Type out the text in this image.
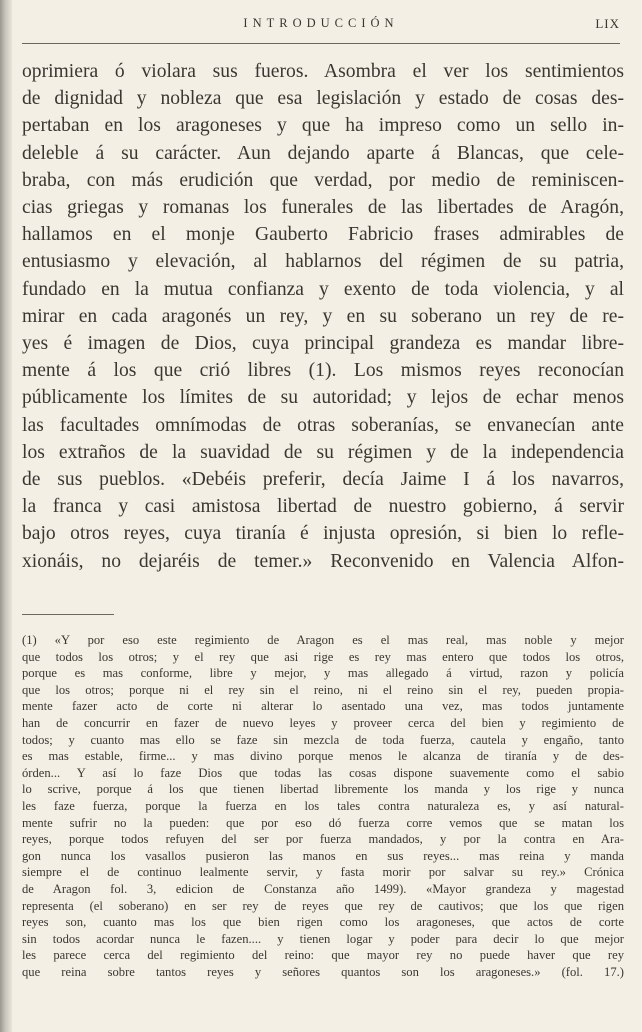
INTRODUCCIÓN	LIX
oprimiera ó violara sus fueros. Asombra el ver los sentimientos
de dignidad y nobleza que esa legislación y estado de cosas des-
pertaban en los aragoneses y que ha impreso como un sello in-
deleble á su carácter. Aun dejando aparte á Blancas, que cele-
braba, con más erudición que verdad, por medio de reminiscen-
cias griegas y romanas los funerales de las libertades de Aragón,
hallamos en el monje Gauberto Fabricio frases admirables de
entusiasmo y elevación, al hablarnos del régimen de su patria,
fundado en la mutua confianza y exento de toda violencia, y al
mirar en cada aragonés un rey, y en su soberano un rey de re-
yes é imagen de Dios, cuya principal grandeza es mandar libre-
mente á los que crió libres (1). Los mismos reyes reconocían
públicamente los límites de su autoridad; y lejos de echar menos
las facultades omnímodas de otras soberanías, se envanecían ante
los extraños de la suavidad de su régimen y de la independencia
de sus pueblos. «Debéis preferir, decía Jaime I á los navarros,
la franca y casi amistosa libertad de nuestro gobierno, á servir
bajo otros reyes, cuya tiranía é injusta opresión, si bien lo refle-
xionáis, no dejaréis de temer.» Reconvenido en Valencia Alfon-
(1) «Y por eso este regimiento de Aragon es el mas real, mas noble y mejor
que todos los otros; y el rey que asi rige es rey mas entero que todos los otros,
porque es mas conforme, libre y mejor, y mas allegado á virtud, razon y policía
que los otros; porque ni el rey sin el reino, ni el reino sin el rey, pueden propia-
mente fazer acto de corte ni alterar lo asentado una vez, mas todos juntamente
han de concurrir en fazer de nuevo leyes y proveer cerca del bien y regimiento de
todos; y cuanto mas ello se faze sin mezcla de toda fuerza, cautela y engaño, tanto
es mas estable, firme... y mas divino porque menos le alcanza de tiranía y de des-
órden... Y así lo faze Dios que todas las cosas dispone suavemente como el sabio
lo scrive, porque á los que tienen libertad libremente los manda y los rige y nunca
les faze fuerza, porque la fuerza en los tales contra naturaleza es, y así natural-
mente sufrir no la pueden: que por eso dó fuerza corre vemos que se matan los
reyes, porque todos refuyen del ser por fuerza mandados, y por la contra en Ara-
gon nunca los vasallos pusieron las manos en sus reyes... mas reina y manda
siempre el de continuo lealmente servir, y fasta morir por salvar su rey.» Crónica
de Aragon fol. 3, edicion de Constanza año 1499). «Mayor grandeza y magestad
representa (el soberano) en ser rey de reyes que rey de cautivos; que los que rigen
reyes son, cuanto mas los que bien rigen como los aragoneses, que actos de corte
sin todos acordar nunca le fazen.... y tienen logar y poder para decir lo que mejor
les parece cerca del regimiento del reino: que mayor rey no puede haver que rey
que reina sobre tantos reyes y señores quantos son los aragoneses.» (fol. 17.)
